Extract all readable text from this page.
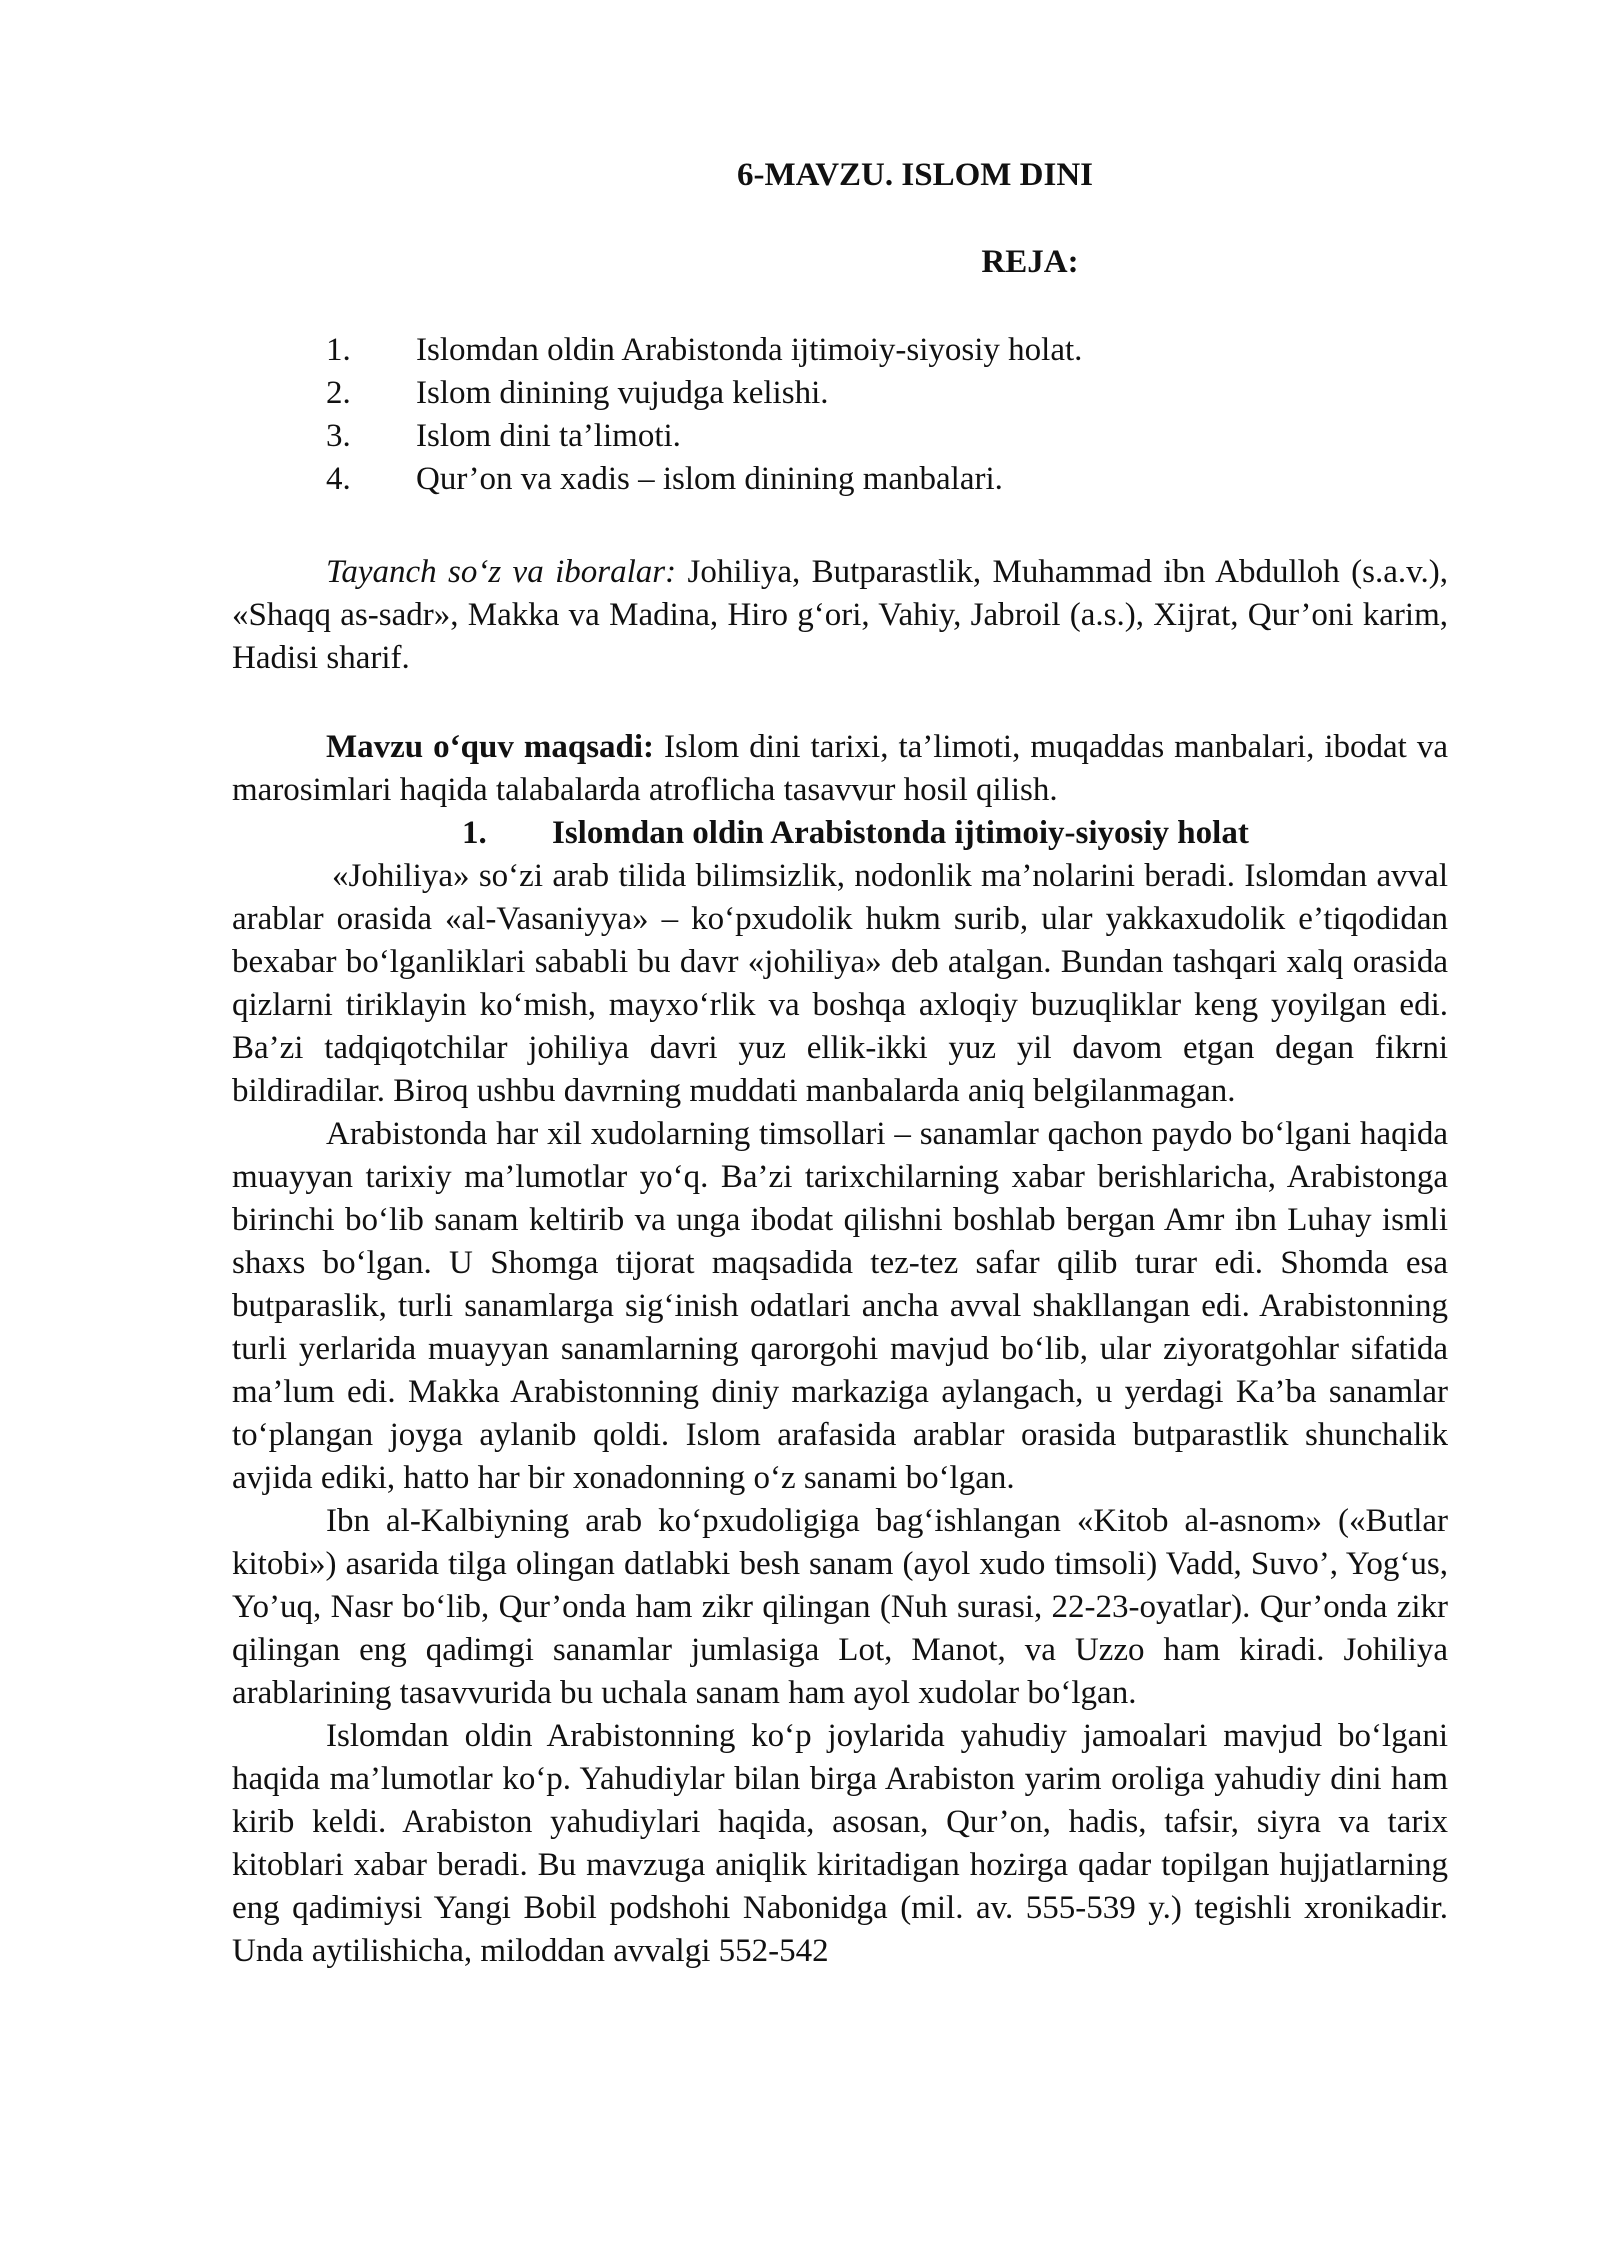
6-MAVZU. ISLOM DINI
REJA:
1.	Islomdan oldin Arabistonda ijtimoiy-siyosiy holat.
2.	Islom dinining vujudga kelishi.
3.	Islom dini ta’limoti.
4.	Qur’on va xadis – islom dinining manbalari.

Tayanch so‘z va iboralar: Johiliya, Butparastlik, Muhammad ibn Abdulloh (s.a.v.), «Shaqq as-sadr», Makka va Madina, Hiro g‘ori, Vahiy, Jabroil (a.s.), Xijrat, Qur’oni karim, Hadisi sharif.

Mavzu o‘quv maqsadi: Islom dini tarixi, ta’limoti, muqaddas manbalari, ibodat va marosimlari haqida talabalarda atroflicha tasavvur hosil qilish.

1.	Islomdan oldin Arabistonda ijtimoiy-siyosiy holat

«Johiliya» so‘zi arab tilida bilimsizlik, nodonlik ma’nolarini beradi. Islomdan avval arablar orasida «al-Vasaniyya» – ko‘pxudolik hukm surib, ular yakkaxudolik e’tiqodidan bexabar bo‘lganliklari sababli bu davr «johiliya» deb atalgan. Bundan tashqari xalq orasida qizlarni tiriklayin ko‘mish, mayxo‘rlik va boshqa axloqiy buzuqliklar keng yoyilgan edi. Ba’zi tadqiqotchilar johiliya davri yuz ellik-ikki yuz yil davom etgan degan fikrni bildiradilar. Biroq ushbu davrning muddati manbalarda aniq belgilanmagan.

Arabistonda har xil xudolarning timsollari – sanamlar qachon paydo bo‘lgani haqida muayyan tarixiy ma’lumotlar yo‘q. Ba’zi tarixchilarning xabar berishlaricha, Arabistonga birinchi bo‘lib sanam keltirib va unga ibodat qilishni boshlab bergan Amr ibn Luhay ismli shaxs bo‘lgan. U Shomga tijorat maqsadida tez-tez safar qilib turar edi. Shomda esa butparaslik, turli sanamlarga sig‘inish odatlari ancha avval shakllangan edi. Arabistonning turli yerlarida muayyan sanamlarning qarorgohi mavjud bo‘lib, ular ziyoratgohlar sifatida ma’lum edi. Makka Arabistonning diniy markaziga aylangach, u yerdagi Ka’ba sanamlar to‘plangan joyga aylanib qoldi. Islom arafasida arablar orasida butparastlik shunchalik avjida ediki, hatto har bir xonadonning o‘z sanami bo‘lgan.

Ibn al-Kalbiyning arab ko‘pxudoligiga bag‘ishlangan «Kitob al-asnom» («Butlar kitobi») asarida tilga olingan datlabki besh sanam (ayol xudo timsoli) Vadd, Suvo’, Yog‘us, Yo’uq, Nasr bo‘lib, Qur’onda ham zikr qilingan (Nuh surasi, 22-23-oyatlar). Qur’onda zikr qilingan eng qadimgi sanamlar jumlasiga Lot, Manot, va Uzzo ham kiradi. Johiliya arablarining tasavvurida bu uchala sanam ham ayol xudolar bo‘lgan.

Islomdan oldin Arabistonning ko‘p joylarida yahudiy jamoalari mavjud bo‘lgani haqida ma’lumotlar ko‘p. Yahudiylar bilan birga Arabiston yarim oroliga yahudiy dini ham kirib keldi. Arabiston yahudiylari haqida, asosan, Qur’on, hadis, tafsir, siyra va tarix kitoblari xabar beradi. Bu mavzuga aniqlik kiritadigan hozirga qadar topilgan hujjatlarning eng qadimiysi Yangi Bobil podshohi Nabonidga (mil. av. 555-539 y.) tegishli xronikadir. Unda aytilishicha, miloddan avvalgi 552-542
